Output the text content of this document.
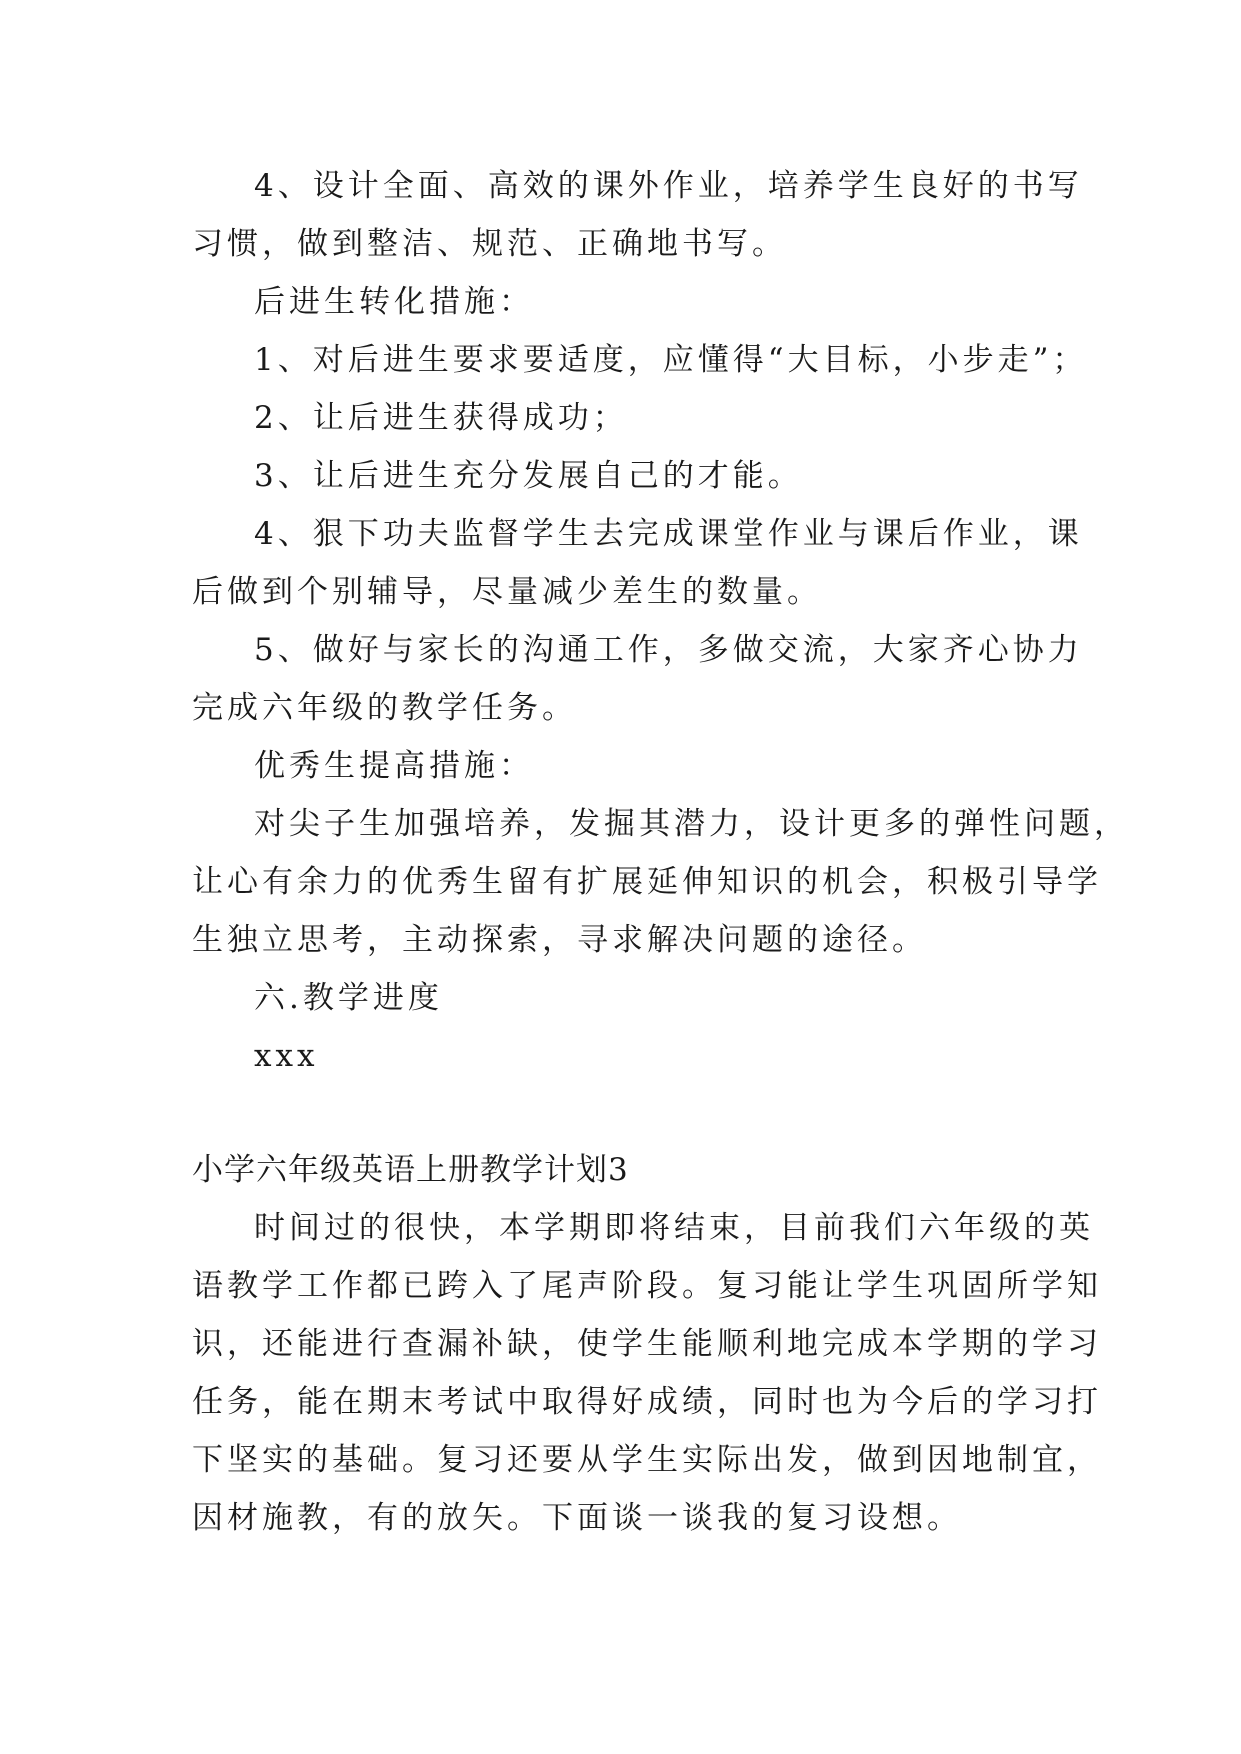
4、设计全面、高效的课外作业，培养学生良好的书写
习惯，做到整洁、规范、正确地书写。
后进生转化措施：
1、对后进生要求要适度，应懂得“大目标，小步走”；
2、让后进生获得成功；
3、让后进生充分发展自己的才能。
4、狠下功夫监督学生去完成课堂作业与课后作业，课
后做到个别辅导，尽量减少差生的数量。
5、做好与家长的沟通工作，多做交流，大家齐心协力
完成六年级的教学任务。
优秀生提高措施：
对尖子生加强培养，发掘其潜力，设计更多的弹性问题，
让心有余力的优秀生留有扩展延伸知识的机会，积极引导学
生独立思考，主动探索，寻求解决问题的途径。
六.教学进度
xxx
小学六年级英语上册教学计划3
时间过的很快，本学期即将结束，目前我们六年级的英
语教学工作都已跨入了尾声阶段。复习能让学生巩固所学知
识，还能进行查漏补缺，使学生能顺利地完成本学期的学习
任务，能在期末考试中取得好成绩，同时也为今后的学习打
下坚实的基础。复习还要从学生实际出发，做到因地制宜，
因材施教，有的放矢。下面谈一谈我的复习设想。
